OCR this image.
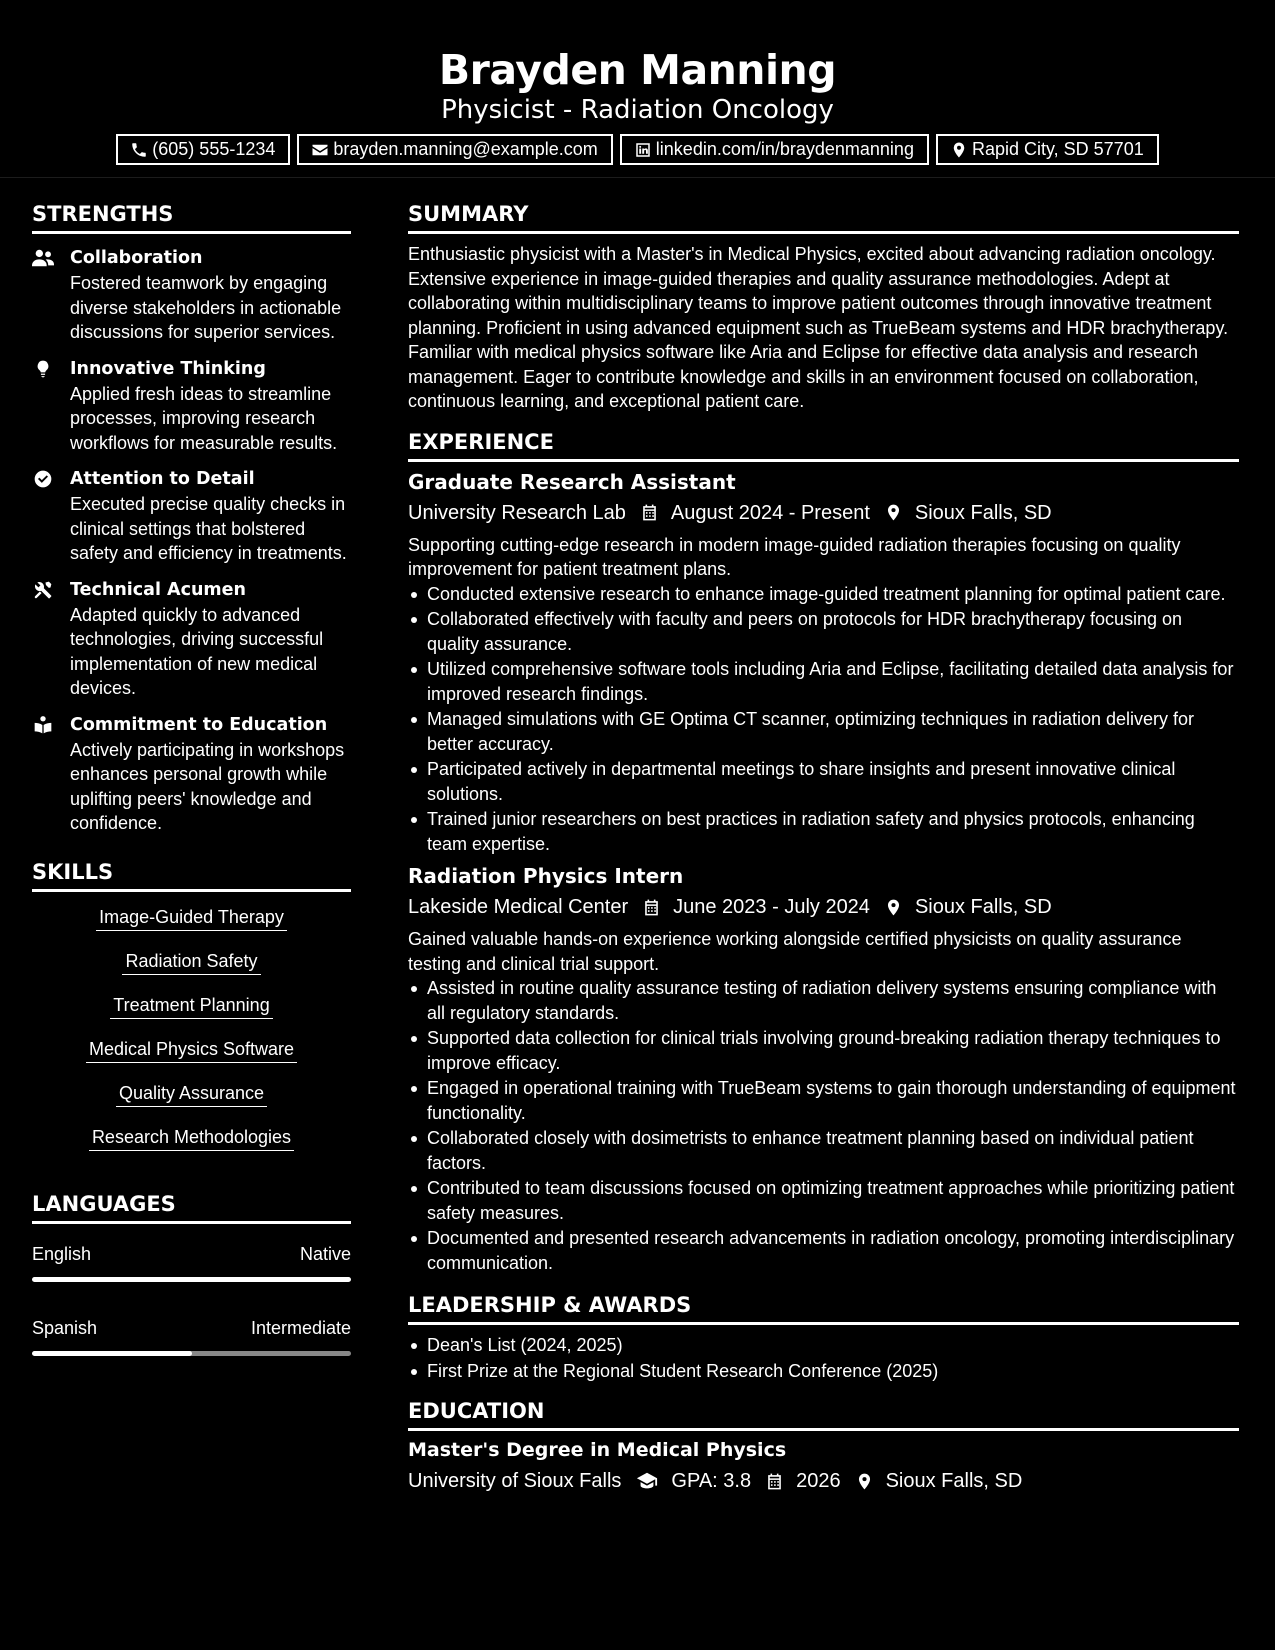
Brayden Manning
Physicist - Radiation Oncology
(605) 555-1234	brayden.manning@example.com	linkedin.com/in/braydenmanning	Rapid City, SD 57701
STRENGTHS
Collaboration
Fostered teamwork by engaging diverse stakeholders in actionable discussions for superior services.
Innovative Thinking
Applied fresh ideas to streamline processes, improving research workflows for measurable results.
Attention to Detail
Executed precise quality checks in clinical settings that bolstered safety and efficiency in treatments.
Technical Acumen
Adapted quickly to advanced technologies, driving successful implementation of new medical devices.
Commitment to Education
Actively participating in workshops enhances personal growth while uplifting peers' knowledge and confidence.
SKILLS
Image-Guided Therapy
Radiation Safety
Treatment Planning
Medical Physics Software
Quality Assurance
Research Methodologies
LANGUAGES
English	Native
Spanish	Intermediate
SUMMARY
Enthusiastic physicist with a Master's in Medical Physics, excited about advancing radiation oncology. Extensive experience in image-guided therapies and quality assurance methodologies. Adept at collaborating within multidisciplinary teams to improve patient outcomes through innovative treatment planning. Proficient in using advanced equipment such as TrueBeam systems and HDR brachytherapy. Familiar with medical physics software like Aria and Eclipse for effective data analysis and research management. Eager to contribute knowledge and skills in an environment focused on collaboration, continuous learning, and exceptional patient care.
EXPERIENCE
Graduate Research Assistant
University Research Lab August 2024 - Present Sioux Falls, SD
Supporting cutting-edge research in modern image-guided radiation therapies focusing on quality improvement for patient treatment plans.
Conducted extensive research to enhance image-guided treatment planning for optimal patient care.
Collaborated effectively with faculty and peers on protocols for HDR brachytherapy focusing on quality assurance.
Utilized comprehensive software tools including Aria and Eclipse, facilitating detailed data analysis for improved research findings.
Managed simulations with GE Optima CT scanner, optimizing techniques in radiation delivery for better accuracy.
Participated actively in departmental meetings to share insights and present innovative clinical solutions.
Trained junior researchers on best practices in radiation safety and physics protocols, enhancing team expertise.
Radiation Physics Intern
Lakeside Medical Center June 2023 - July 2024 Sioux Falls, SD
Gained valuable hands-on experience working alongside certified physicists on quality assurance testing and clinical trial support.
Assisted in routine quality assurance testing of radiation delivery systems ensuring compliance with all regulatory standards.
Supported data collection for clinical trials involving ground-breaking radiation therapy techniques to improve efficacy.
Engaged in operational training with TrueBeam systems to gain thorough understanding of equipment functionality.
Collaborated closely with dosimetrists to enhance treatment planning based on individual patient factors.
Contributed to team discussions focused on optimizing treatment approaches while prioritizing patient safety measures.
Documented and presented research advancements in radiation oncology, promoting interdisciplinary communication.
LEADERSHIP & AWARDS
Dean's List (2024, 2025)
First Prize at the Regional Student Research Conference (2025)
EDUCATION
Master's Degree in Medical Physics
University of Sioux Falls	GPA: 3.8 2026 Sioux Falls, SD
